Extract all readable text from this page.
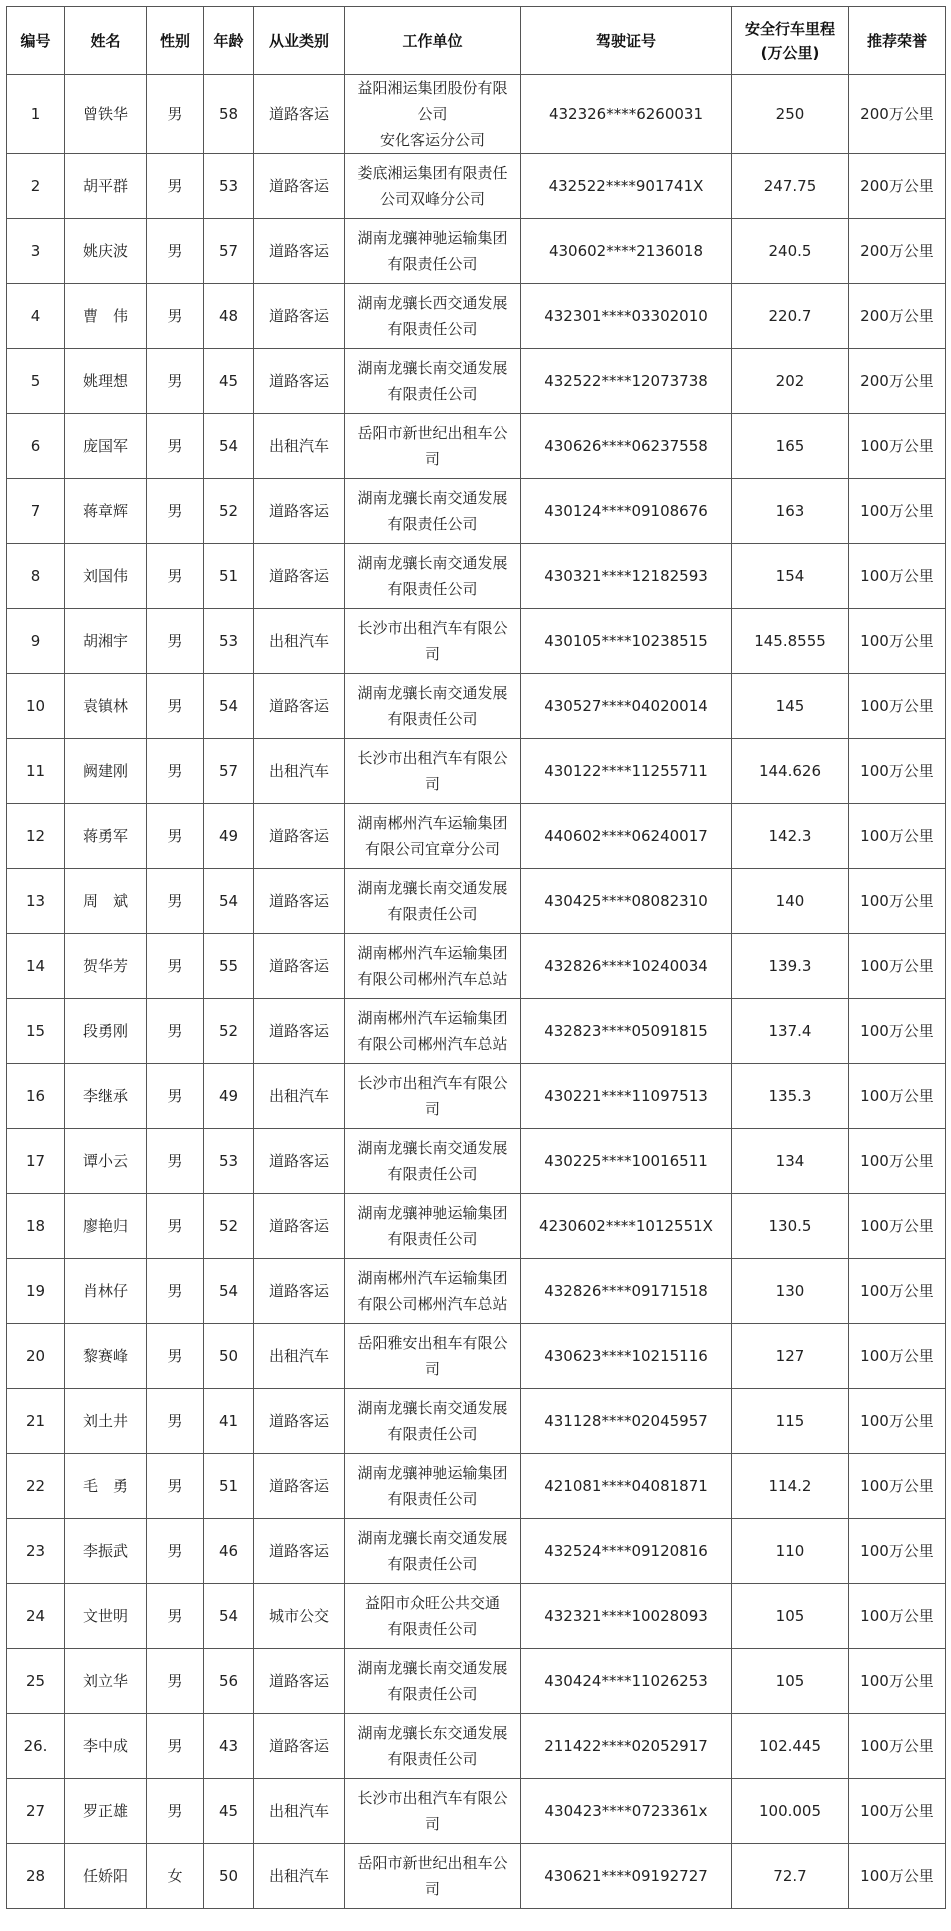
编号	姓名	性别	年龄	从业类别	工作单位	驾驶证号	安全行车里程
(万公里)	推荐荣誉
1	曾铁华	男	58	道路客运	益阳湘运集团股份有限
公司
安化客运分公司	432326****6260031	250	200万公里
2	胡平群	男	53	道路客运	娄底湘运集团有限责任
公司双峰分公司	432522****901741X	247.75	200万公里
3	姚庆波	男	57	道路客运	湖南龙骧神驰运输集团
有限责任公司	430602****2136018	240.5	200万公里
4	曹　伟	男	48	道路客运	湖南龙骧长西交通发展
有限责任公司	432301****03302010	220.7	200万公里
5	姚理想	男	45	道路客运	湖南龙骧长南交通发展
有限责任公司	432522****12073738	202	200万公里
6	庞国军	男	54	出租汽车	岳阳市新世纪出租车公
司	430626****06237558	165	100万公里
7	蒋章辉	男	52	道路客运	湖南龙骧长南交通发展
有限责任公司	430124****09108676	163	100万公里
8	刘国伟	男	51	道路客运	湖南龙骧长南交通发展
有限责任公司	430321****12182593	154	100万公里
9	胡湘宇	男	53	出租汽车	长沙市出租汽车有限公
司	430105****10238515	145.8555	100万公里
10	袁镇林	男	54	道路客运	湖南龙骧长南交通发展
有限责任公司	430527****04020014	145	100万公里
11	阙建刚	男	57	出租汽车	长沙市出租汽车有限公
司	430122****11255711	144.626	100万公里
12	蒋勇军	男	49	道路客运	湖南郴州汽车运输集团
有限公司宜章分公司	440602****06240017	142.3	100万公里
13	周　斌	男	54	道路客运	湖南龙骧长南交通发展
有限责任公司	430425****08082310	140	100万公里
14	贺华芳	男	55	道路客运	湖南郴州汽车运输集团
有限公司郴州汽车总站	432826****10240034	139.3	100万公里
15	段勇刚	男	52	道路客运	湖南郴州汽车运输集团
有限公司郴州汽车总站	432823****05091815	137.4	100万公里
16	李继承	男	49	出租汽车	长沙市出租汽车有限公
司	430221****11097513	135.3	100万公里
17	谭小云	男	53	道路客运	湖南龙骧长南交通发展
有限责任公司	430225****10016511	134	100万公里
18	廖艳归	男	52	道路客运	湖南龙骧神驰运输集团
有限责任公司	4230602****1012551X	130.5	100万公里
19	肖林仔	男	54	道路客运	湖南郴州汽车运输集团
有限公司郴州汽车总站	432826****09171518	130	100万公里
20	黎赛峰	男	50	出租汽车	岳阳雅安出租车有限公
司	430623****10215116	127	100万公里
21	刘土井	男	41	道路客运	湖南龙骧长南交通发展
有限责任公司	431128****02045957	115	100万公里
22	毛　勇	男	51	道路客运	湖南龙骧神驰运输集团
有限责任公司	421081****04081871	114.2	100万公里
23	李振武	男	46	道路客运	湖南龙骧长南交通发展
有限责任公司	432524****09120816	110	100万公里
24	文世明	男	54	城市公交	益阳市众旺公共交通
有限责任公司	432321****10028093	105	100万公里
25	刘立华	男	56	道路客运	湖南龙骧长南交通发展
有限责任公司	430424****11026253	105	100万公里
26.	李中成	男	43	道路客运	湖南龙骧长东交通发展
有限责任公司	211422****02052917	102.445	100万公里
27	罗正雄	男	45	出租汽车	长沙市出租汽车有限公
司	430423****0723361x	100.005	100万公里
28	任娇阳	女	50	出租汽车	岳阳市新世纪出租车公
司	430621****09192727	72.7	100万公里
